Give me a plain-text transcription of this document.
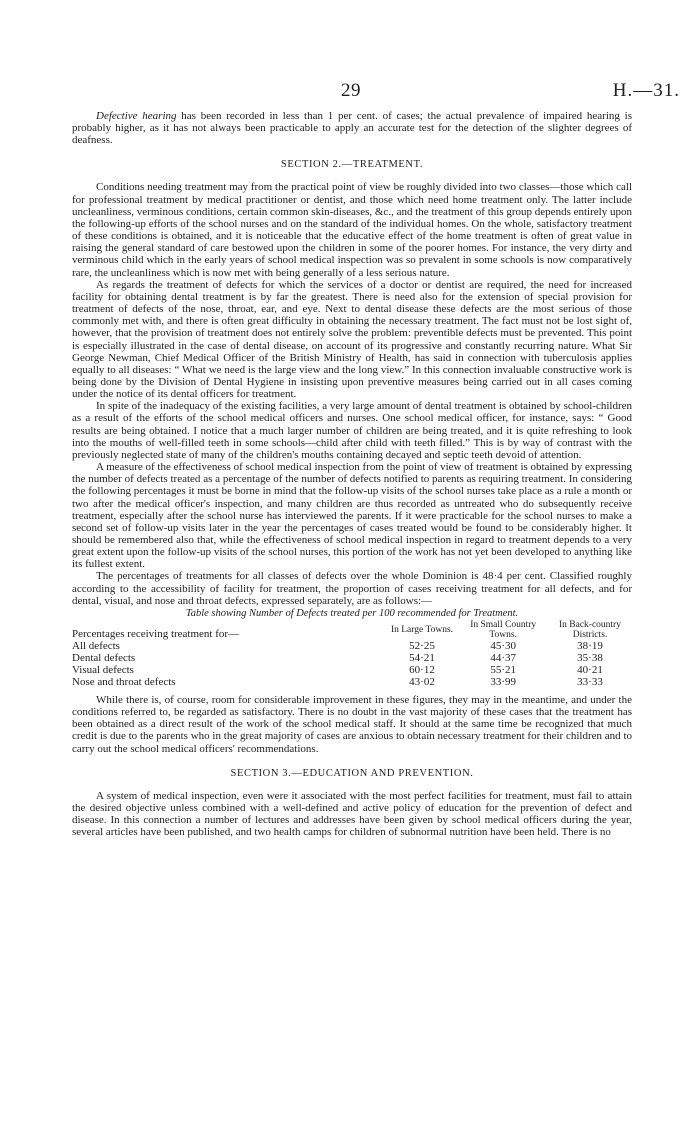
29	H.—31.

Defective hearing has been recorded in less than 1 per cent. of cases; the actual prevalence of impaired hearing is probably higher, as it has not always been practicable to apply an accurate test for the detection of the slighter degrees of deafness.

SECTION 2.—TREATMENT.

Conditions needing treatment may from the practical point of view be roughly divided into two classes—those which call for professional treatment by medical practitioner or dentist, and those which need home treatment only. The latter include uncleanliness, verminous conditions, certain common skin-diseases, &c., and the treatment of this group depends entirely upon the following-up efforts of the school nurses and on the standard of the individual homes. On the whole, satisfactory treatment of these conditions is obtained, and it is noticeable that the educative effect of the home treatment is often of great value in raising the general standard of care bestowed upon the children in some of the poorer homes. For instance, the very dirty and verminous child which in the early years of school medical inspection was so prevalent in some schools is now comparatively rare, the uncleanliness which is now met with being generally of a less serious nature.

As regards the treatment of defects for which the services of a doctor or dentist are required, the need for increased facility for obtaining dental treatment is by far the greatest. There is need also for the extension of special provision for treatment of defects of the nose, throat, ear, and eye. Next to dental disease these defects are the most serious of those commonly met with, and there is often great difficulty in obtaining the necessary treatment. The fact must not be lost sight of, however, that the provision of treatment does not entirely solve the problem: preventible defects must be prevented. This point is especially illustrated in the case of dental disease, on account of its progressive and constantly recurring nature. What Sir George Newman, Chief Medical Officer of the British Ministry of Health, has said in connection with tuberculosis applies equally to all diseases: “ What we need is the large view and the long view.” In this connection invaluable constructive work is being done by the Division of Dental Hygiene in insisting upon preventive measures being carried out in all cases coming under the notice of its dental officers for treatment.

In spite of the inadequacy of the existing facilities, a very large amount of dental treatment is obtained by school-children as a result of the efforts of the school medical officers and nurses. One school medical officer, for instance, says: “ Good results are being obtained. I notice that a much larger number of children are being treated, and it is quite refreshing to look into the mouths of well-filled teeth in some schools—child after child with teeth filled.” This is by way of contrast with the previously neglected state of many of the children's mouths containing decayed and septic teeth devoid of attention.

A measure of the effectiveness of school medical inspection from the point of view of treatment is obtained by expressing the number of defects treated as a percentage of the number of defects notified to parents as requiring treatment. In considering the following percentages it must be borne in mind that the follow-up visits of the school nurses take place as a rule a month or two after the medical officer's inspection, and many children are thus recorded as untreated who do subsequently receive treatment, especially after the school nurse has interviewed the parents. If it were practicable for the school nurses to make a second set of follow-up visits later in the year the percentages of cases treated would be found to be considerably higher. It should be remembered also that, while the effectiveness of school medical inspection in regard to treatment depends to a very great extent upon the follow-up visits of the school nurses, this portion of the work has not yet been developed to anything like its fullest extent.

The percentages of treatments for all classes of defects over the whole Dominion is 48·4 per cent. Classified roughly according to the accessibility of facility for treatment, the proportion of cases receiving treatment for all defects, and for dental, visual, and nose and throat defects, expressed separately, are as follows:—

Table showing Number of Defects treated per 100 recommended for Treatment.
Percentages receiving treatment for—	In Large Towns.	In Small Country Towns.	In Back-country Districts.
All defects	52·25	45·30	38·19
Dental defects	54·21	44·37	35·38
Visual defects	60·12	55·21	40·21
Nose and throat defects	43·02	33·99	33·33

While there is, of course, room for considerable improvement in these figures, they may in the meantime, and under the conditions referred to, be regarded as satisfactory. There is no doubt in the vast majority of these cases that the treatment has been obtained as a direct result of the work of the school medical staff. It should at the same time be recognized that much credit is due to the parents who in the great majority of cases are anxious to obtain necessary treatment for their children and to carry out the school medical officers' recommendations.

SECTION 3.—EDUCATION AND PREVENTION.

A system of medical inspection, even were it associated with the most perfect facilities for treatment, must fail to attain the desired objective unless combined with a well-defined and active policy of education for the prevention of defect and disease. In this connection a number of lectures and addresses have been given by school medical officers during the year, several articles have been published, and two health camps for children of subnormal nutrition have been held. There is no
